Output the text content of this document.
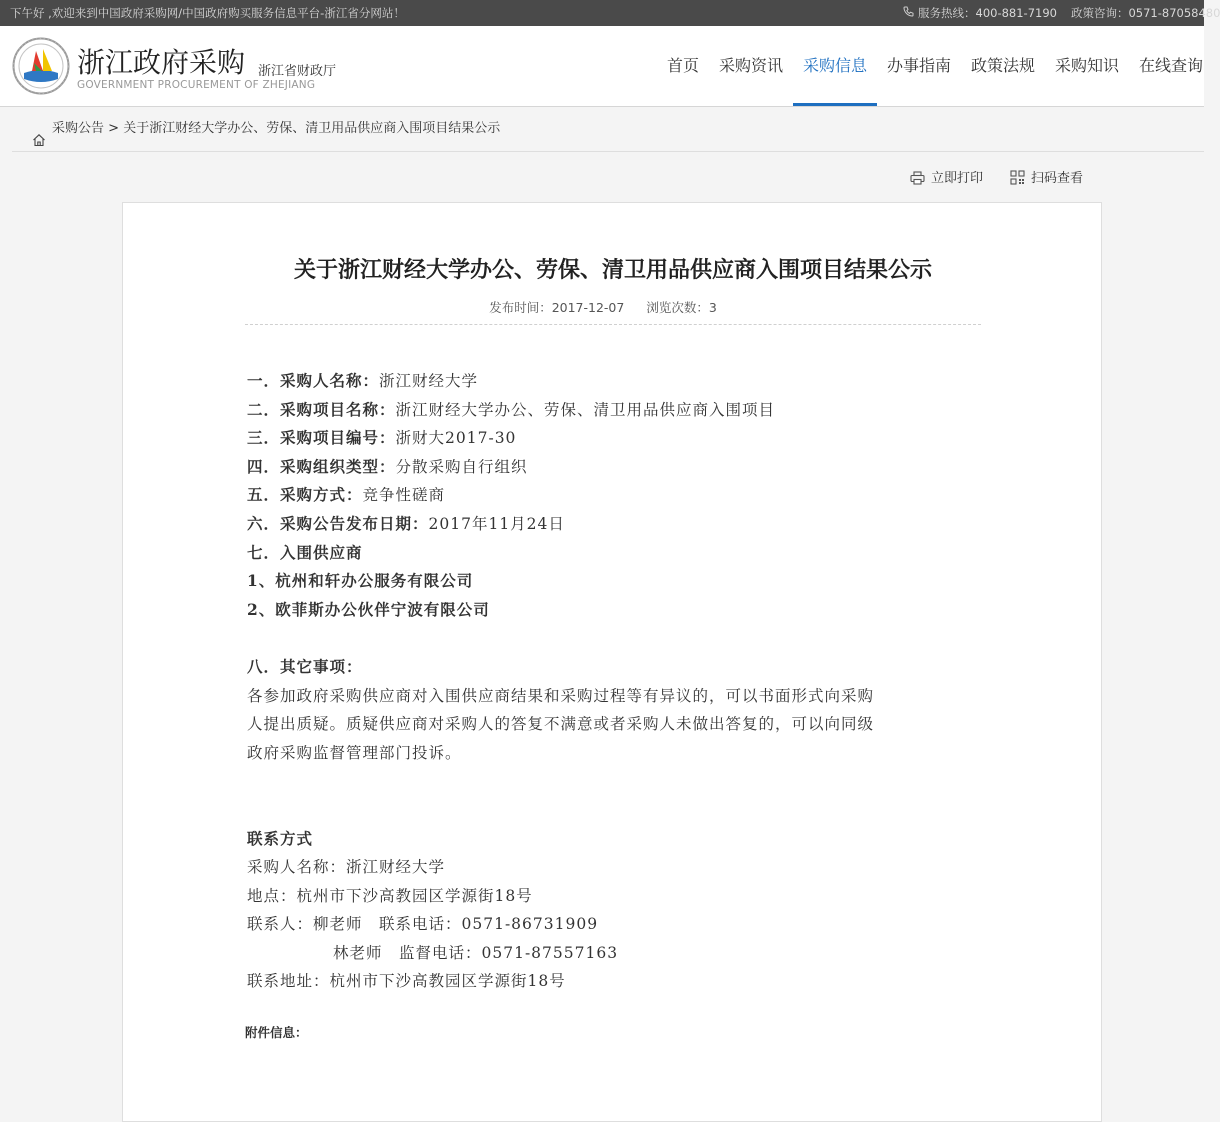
下午好 ,欢迎来到中国政府采购网/中国政府购买服务信息平台-浙江省分网站！	服务热线：400-881-7190 政策咨询：0571-87058480
浙江政府采购 浙江省财政厅
GOVERNMENT PROCUREMENT OF ZHEJIANG
首页 采购资讯	采购信息	办事指南 政策法规 采购知识 在线查询
采购公告 > 关于浙江财经大学办公、劳保、清卫用品供应商入围项目结果公示
立即打印	扫码查看
关于浙江财经大学办公、劳保、清卫用品供应商入围项目结果公示
发布时间：2017-12-07 浏览次数：3
一．采购人名称：浙江财经大学
二．采购项目名称：浙江财经大学办公、劳保、清卫用品供应商入围项目
三．采购项目编号：浙财大2017-30
四．采购组织类型：分散采购自行组织
五．采购方式：竞争性磋商
六．采购公告发布日期：2017年11月24日
七．入围供应商
1、杭州和轩办公服务有限公司
2、欧菲斯办公伙伴宁波有限公司
八．其它事项：
各参加政府采购供应商对入围供应商结果和采购过程等有异议的，可以书面形式向采购
人提出质疑。质疑供应商对采购人的答复不满意或者采购人未做出答复的，可以向同级
政府采购监督管理部门投诉。
联系方式
采购人名称：浙江财经大学
地点：杭州市下沙高教园区学源街18号
联系人：柳老师　联系电话：0571-86731909
林老师　监督电话：0571-87557163
联系地址：杭州市下沙高教园区学源街18号
附件信息：
